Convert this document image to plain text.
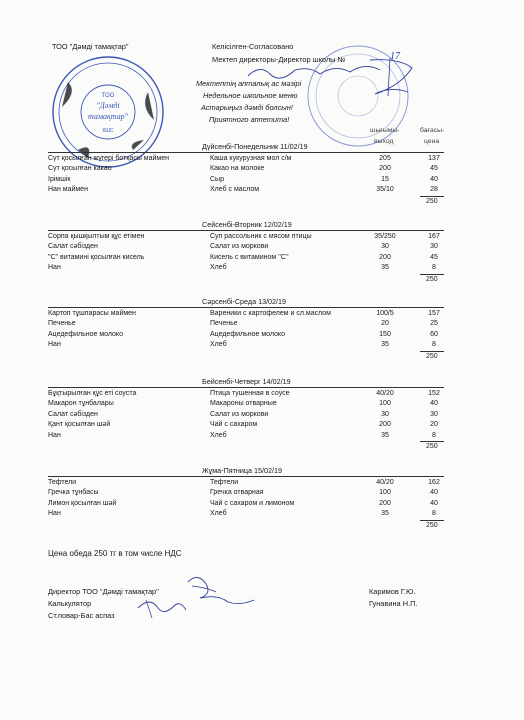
ТОО
"Дәмді
тамақтар"
КШС
ТОО "Дәмді тамақтар"	Келісілген-Согласовано
Мектеп директоры-Директор школы №	17
Мектептің апталық ас мәзірі
Недельное школьное меню
Астарыңыз дәмді болсын!
Приятного аппетита!
шығымы-
выход
бағасы-
цена
Дүйсенбі-Понедельник 11/02/19
Сүт қосылған жүгері ботқасы маймен	Каша кукурузная мол с/м	205	137
Сүт қосылған какао	Какао на молоке	200	45
Ірімшік	Сыр	15	40
Нан маймен	Хлеб с маслом	35/10	28
250
Сейсенбі-Вторник 12/02/19
Сорпа қышқылтым құс етімен	Суп рассольник с мясом птицы	35/250	167
Салат сәбізден	Салат из моркови	30	30
"С" витамині қосылған кисель	Кисель с витамином ''С''	200	45
Нан	Хлеб	35	8
250
Сәрсенбі-Среда 13/02/19
Картоп тұшпарасы маймен	Вареники с картофелем и сл.маслом	100/5	157
Печенье	Печенье	20	25
Ацедефильное молоко	Ацедефильное молоко	150	60
Нан	Хлеб	35	8
250
Бейсенбі-Четверг 14/02/19
Бұқтырылған құс еті соуста	Птица тушенная в соусе	40/20	152
Макарон тұнбалары	Макароны отварные	100	40
Салат сәбізден	Салат из моркови	30	30
Қант қосылған шәй	Чай с сахаром	200	20
Нан	Хлеб	35	8
250
Жұма-Пятница 15/02/19
Тефтели	Тефтели	40/20	162
Гречка тұнбасы	Гречка отварная	100	40
Лимон қосылған шәй	Чай с сахаром и лимоном	200	40
Нан	Хлеб	35	8
250
Цена обеда 250 тг в том числе НДС
Директор ТОО "Дәмді тамақтар"
Калькулятор
Ст.повар-Бас аспаз
Каримов Г.Ю.
Гунавина Н.П.
